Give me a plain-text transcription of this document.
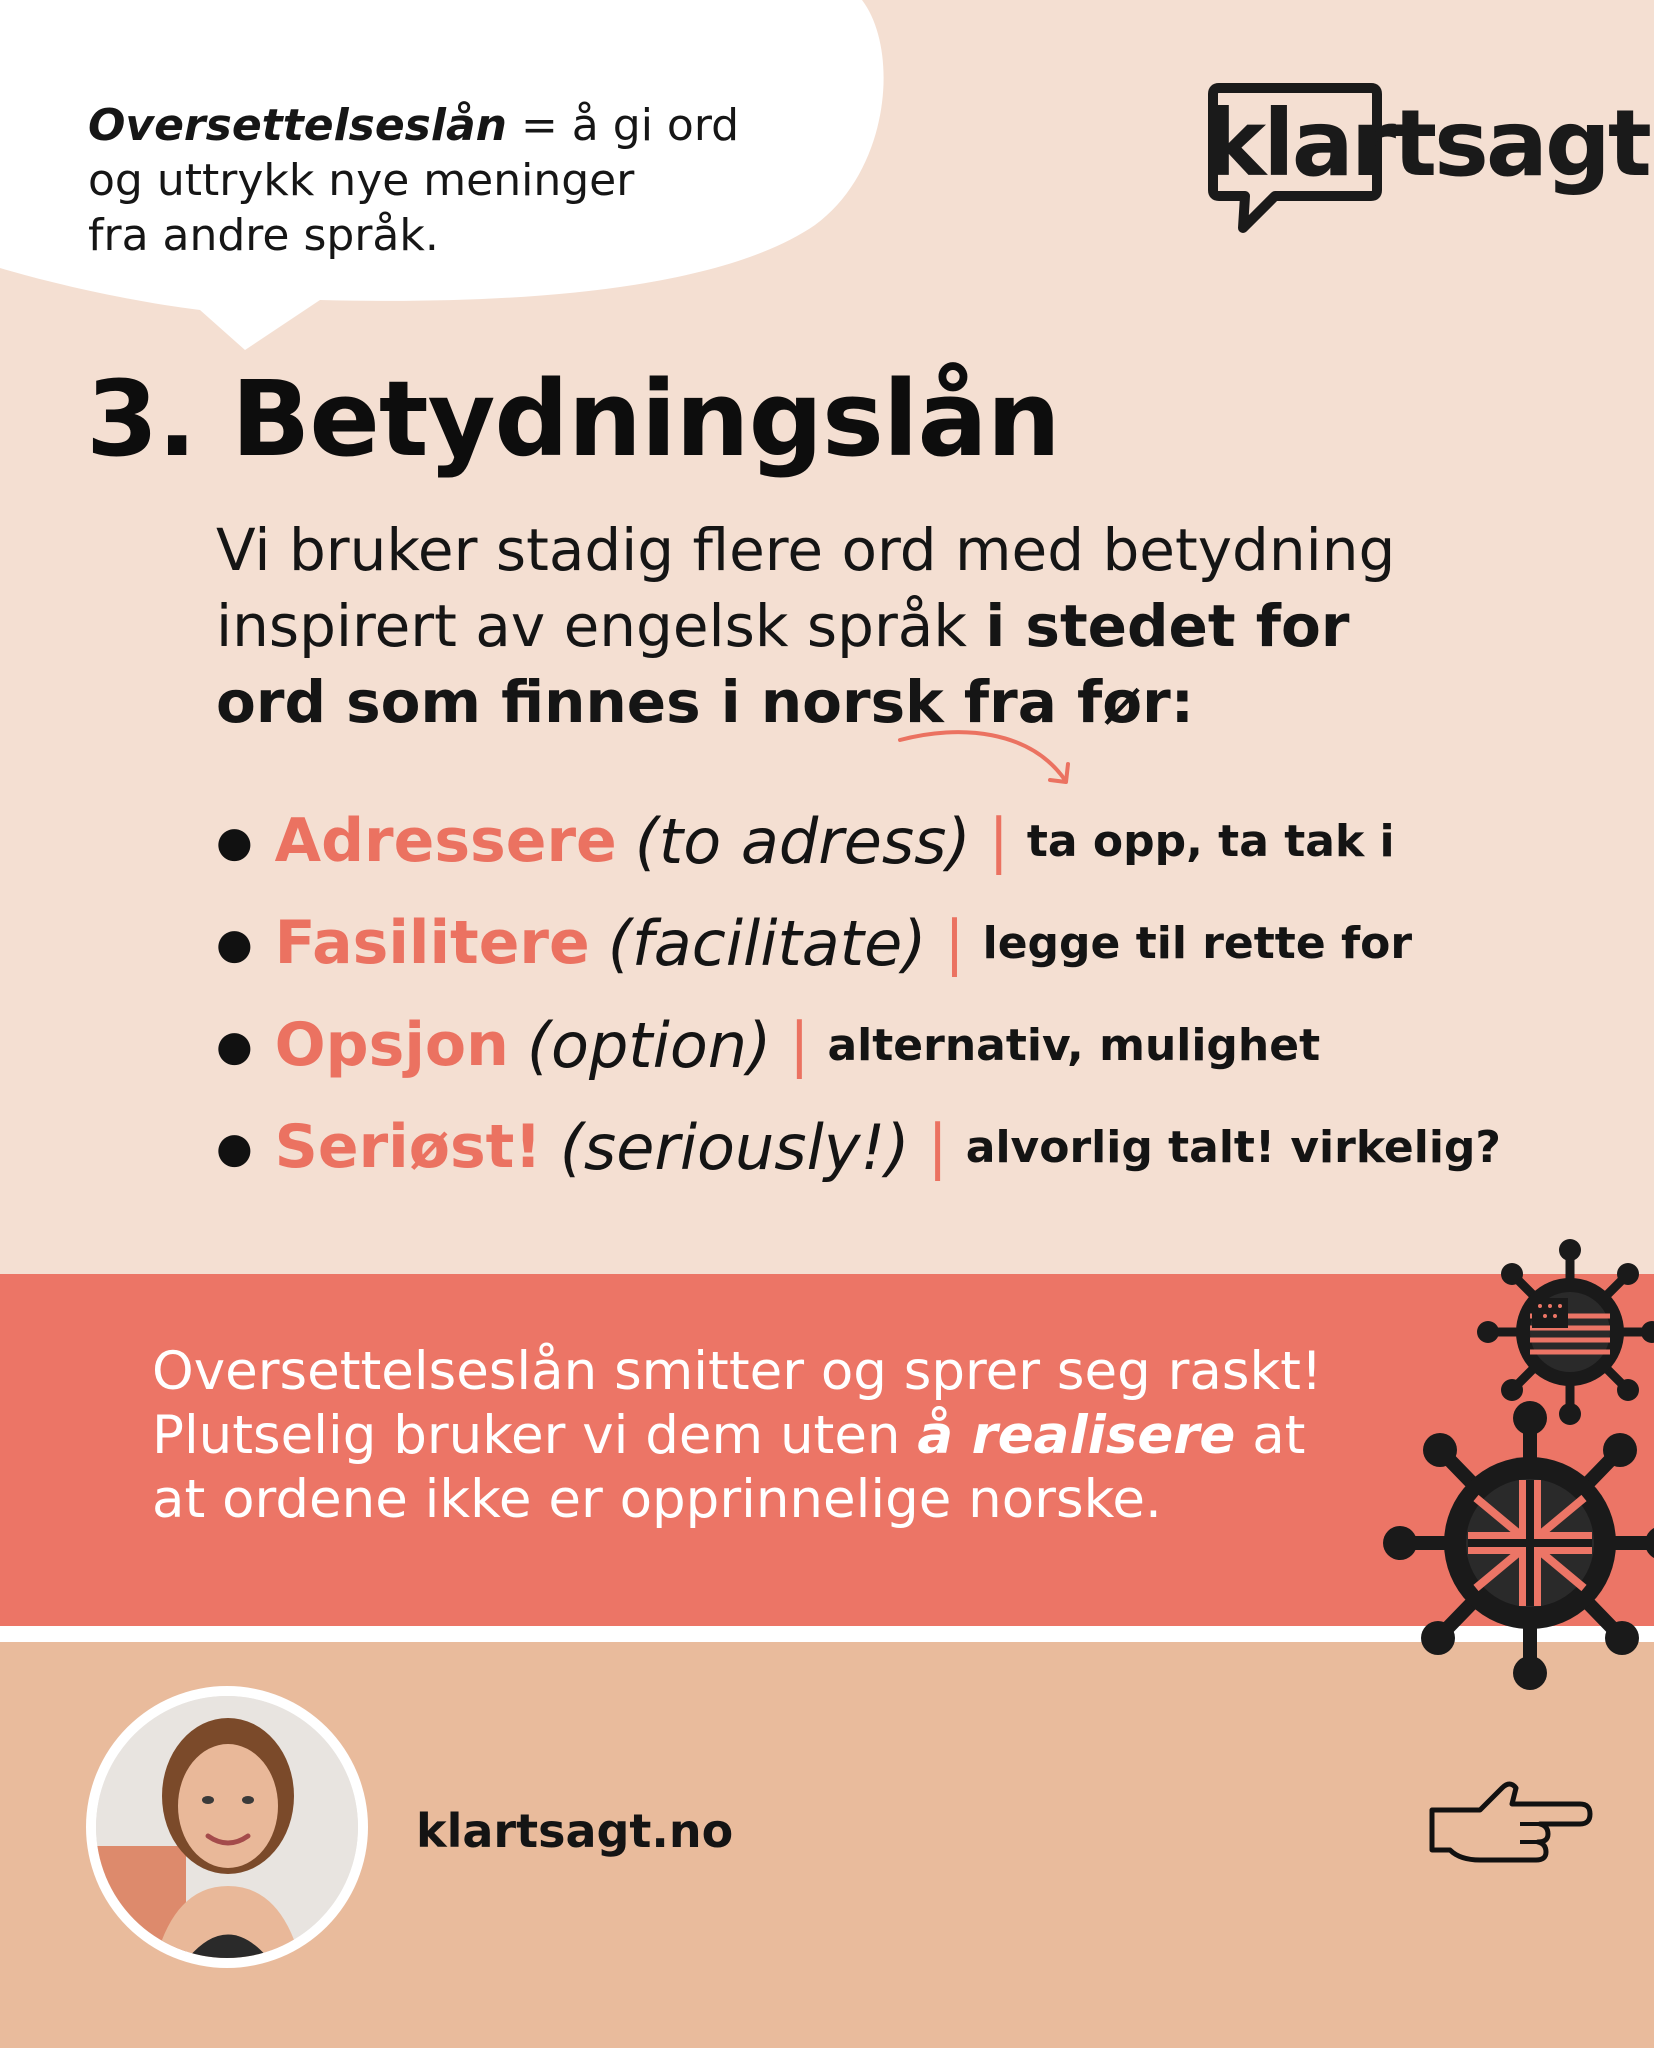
Oversettelseslån = å gi ord
og uttrykk nye meninger
fra andre språk.
klartsagt
3. Betydningslån
Vi bruker stadig flere ord med betydning
inspirert av engelsk språk i stedet for
ord som finnes i norsk fra før:
● Adressere (to adress) | ta opp, ta tak i
● Fasilitere (facilitate) | legge til rette for
● Opsjon (option) | alternativ, mulighet
● Seriøst! (seriously!) | alvorlig talt! virkelig?
Oversettelseslån smitter og sprer seg raskt!
Plutselig bruker vi dem uten å realisere at
at ordene ikke er opprinnelige norske.
klartsagt.no
